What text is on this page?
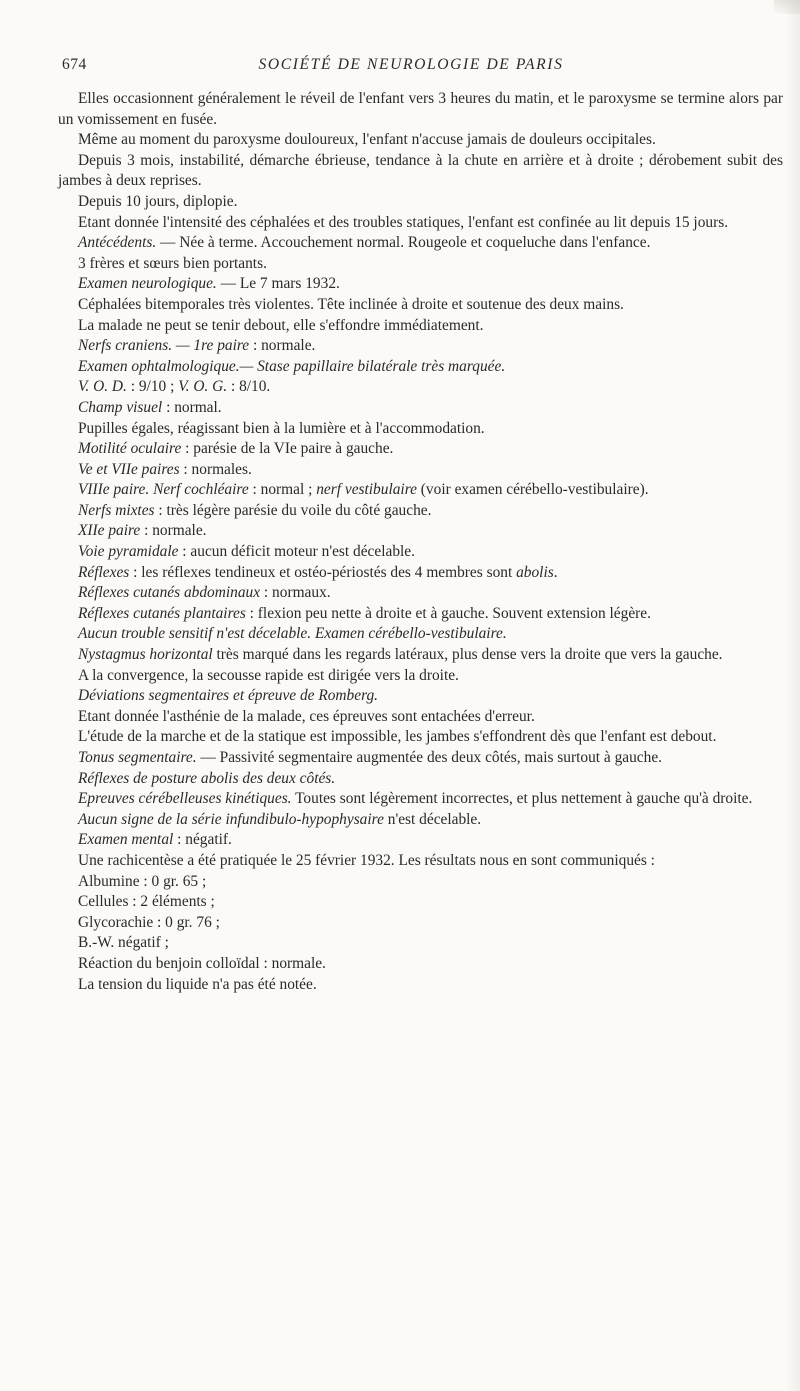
674	SOCIÉTÉ DE NEUROLOGIE DE PARIS

Elles occasionnent généralement le réveil de l'enfant vers 3 heures du matin, et le paroxysme se termine alors par un vomissement en fusée.

Même au moment du paroxysme douloureux, l'enfant n'accuse jamais de douleurs occipitales.

Depuis 3 mois, instabilité, démarche ébrieuse, tendance à la chute en arrière et à droite ; dérobement subit des jambes à deux reprises.

Depuis 10 jours, diplopie.

Etant donnée l'intensité des céphalées et des troubles statiques, l'enfant est confinée au lit depuis 15 jours.

Antécédents. — Née à terme. Accouchement normal. Rougeole et coqueluche dans l'enfance.

3 frères et sœurs bien portants.

Examen neurologique. — Le 7 mars 1932.

Céphalées bitemporales très violentes. Tête inclinée à droite et soutenue des deux mains.

La malade ne peut se tenir debout, elle s'effondre immédiatement.

Nerfs craniens. — 1re paire : normale.

Examen ophtalmologique.— Stase papillaire bilatérale très marquée.

V. O. D. : 9/10 ; V. O. G. : 8/10.

Champ visuel : normal.

Pupilles égales, réagissant bien à la lumière et à l'accommodation.

Motilité oculaire : parésie de la VIe paire à gauche.

Ve et VIIe paires : normales.

VIIIe paire. Nerf cochléaire : normal ; nerf vestibulaire (voir examen cérébello-vestibulaire).

Nerfs mixtes : très légère parésie du voile du côté gauche.

XIIe paire : normale.

Voie pyramidale : aucun déficit moteur n'est décelable.

Réflexes : les réflexes tendineux et ostéo-périostés des 4 membres sont abolis.

Réflexes cutanés abdominaux : normaux.

Réflexes cutanés plantaires : flexion peu nette à droite et à gauche. Souvent extension légère.

Aucun trouble sensitif n'est décelable. Examen cérébello-vestibulaire.

Nystagmus horizontal très marqué dans les regards latéraux, plus dense vers la droite que vers la gauche.

A la convergence, la secousse rapide est dirigée vers la droite.

Déviations segmentaires et épreuve de Romberg.

Etant donnée l'asthénie de la malade, ces épreuves sont entachées d'erreur.

L'étude de la marche et de la statique est impossible, les jambes s'effondrent dès que l'enfant est debout.

Tonus segmentaire. — Passivité segmentaire augmentée des deux côtés, mais surtout à gauche.

Réflexes de posture abolis des deux côtés.

Epreuves cérébelleuses kinétiques. Toutes sont légèrement incorrectes, et plus nettement à gauche qu'à droite.

Aucun signe de la série infundibulo-hypophysaire n'est décelable.

Examen mental : négatif.

Une rachicentèse a été pratiquée le 25 février 1932. Les résultats nous en sont communiqués :

Albumine : 0 gr. 65 ;

Cellules : 2 éléments ;

Glycorachie : 0 gr. 76 ;

B.-W. négatif ;

Réaction du benjoin colloïdal : normale.

La tension du liquide n'a pas été notée.
